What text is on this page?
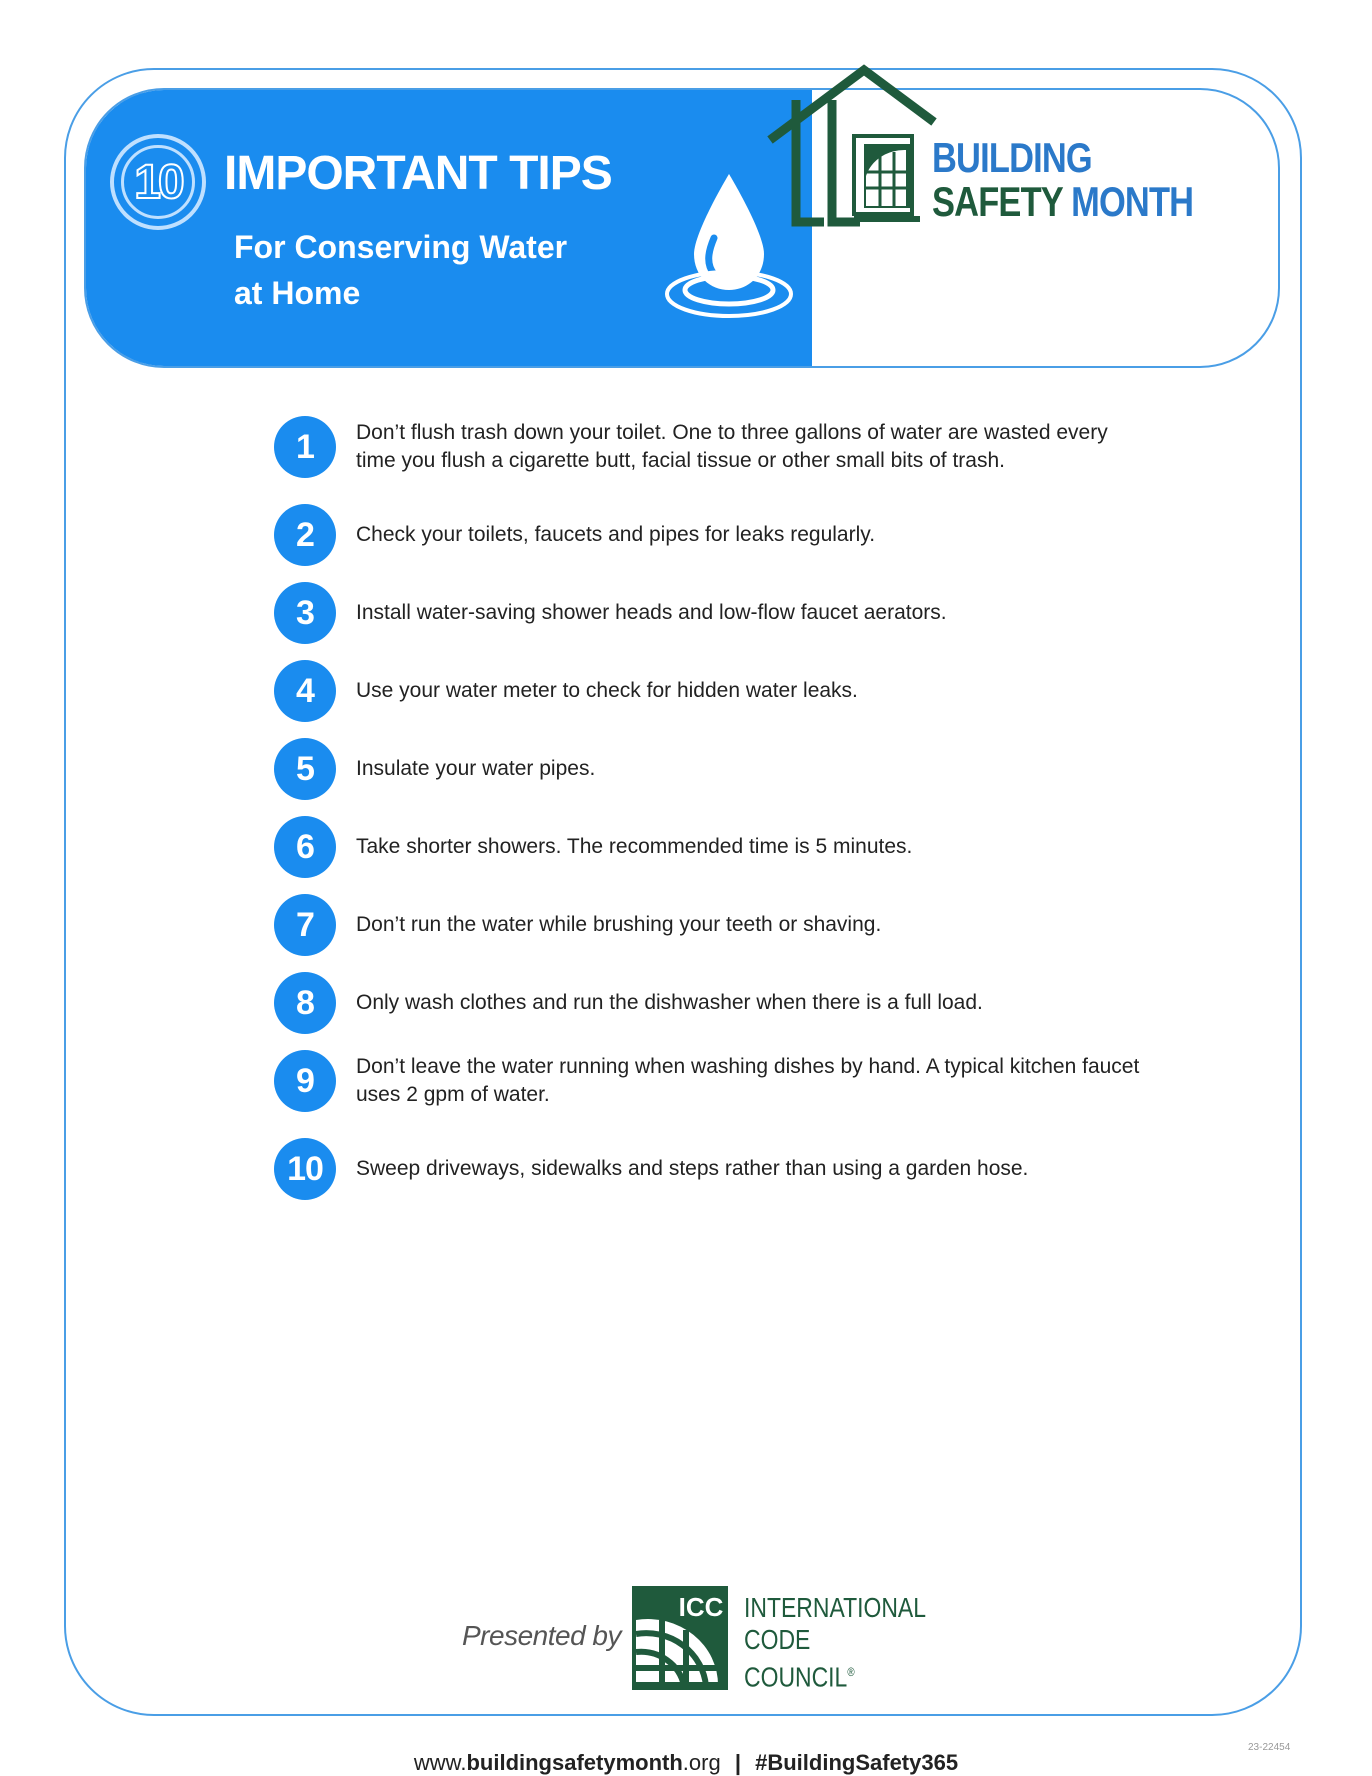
10 IMPORTANT TIPS
For Conserving Water
at Home
BUILDING
SAFETY MONTH
1	Don’t flush trash down your toilet. One to three gallons of water are wasted every time you flush a cigarette butt, facial tissue or other small bits of trash.
2	Check your toilets, faucets and pipes for leaks regularly.
3	Install water-saving shower heads and low-flow faucet aerators.
4	Use your water meter to check for hidden water leaks.
5	Insulate your water pipes.
6	Take shorter showers. The recommended time is 5 minutes.
7	Don’t run the water while brushing your teeth or shaving.
8	Only wash clothes and run the dishwasher when there is a full load.
9	Don’t leave the water running when washing dishes by hand. A typical kitchen faucet uses 2 gpm of water.
10	Sweep driveways, sidewalks and steps rather than using a garden hose.
Presented by
ICC INTERNATIONAL
CODE
COUNCIL®
23-22454
www.buildingsafetymonth.org | #BuildingSafety365
